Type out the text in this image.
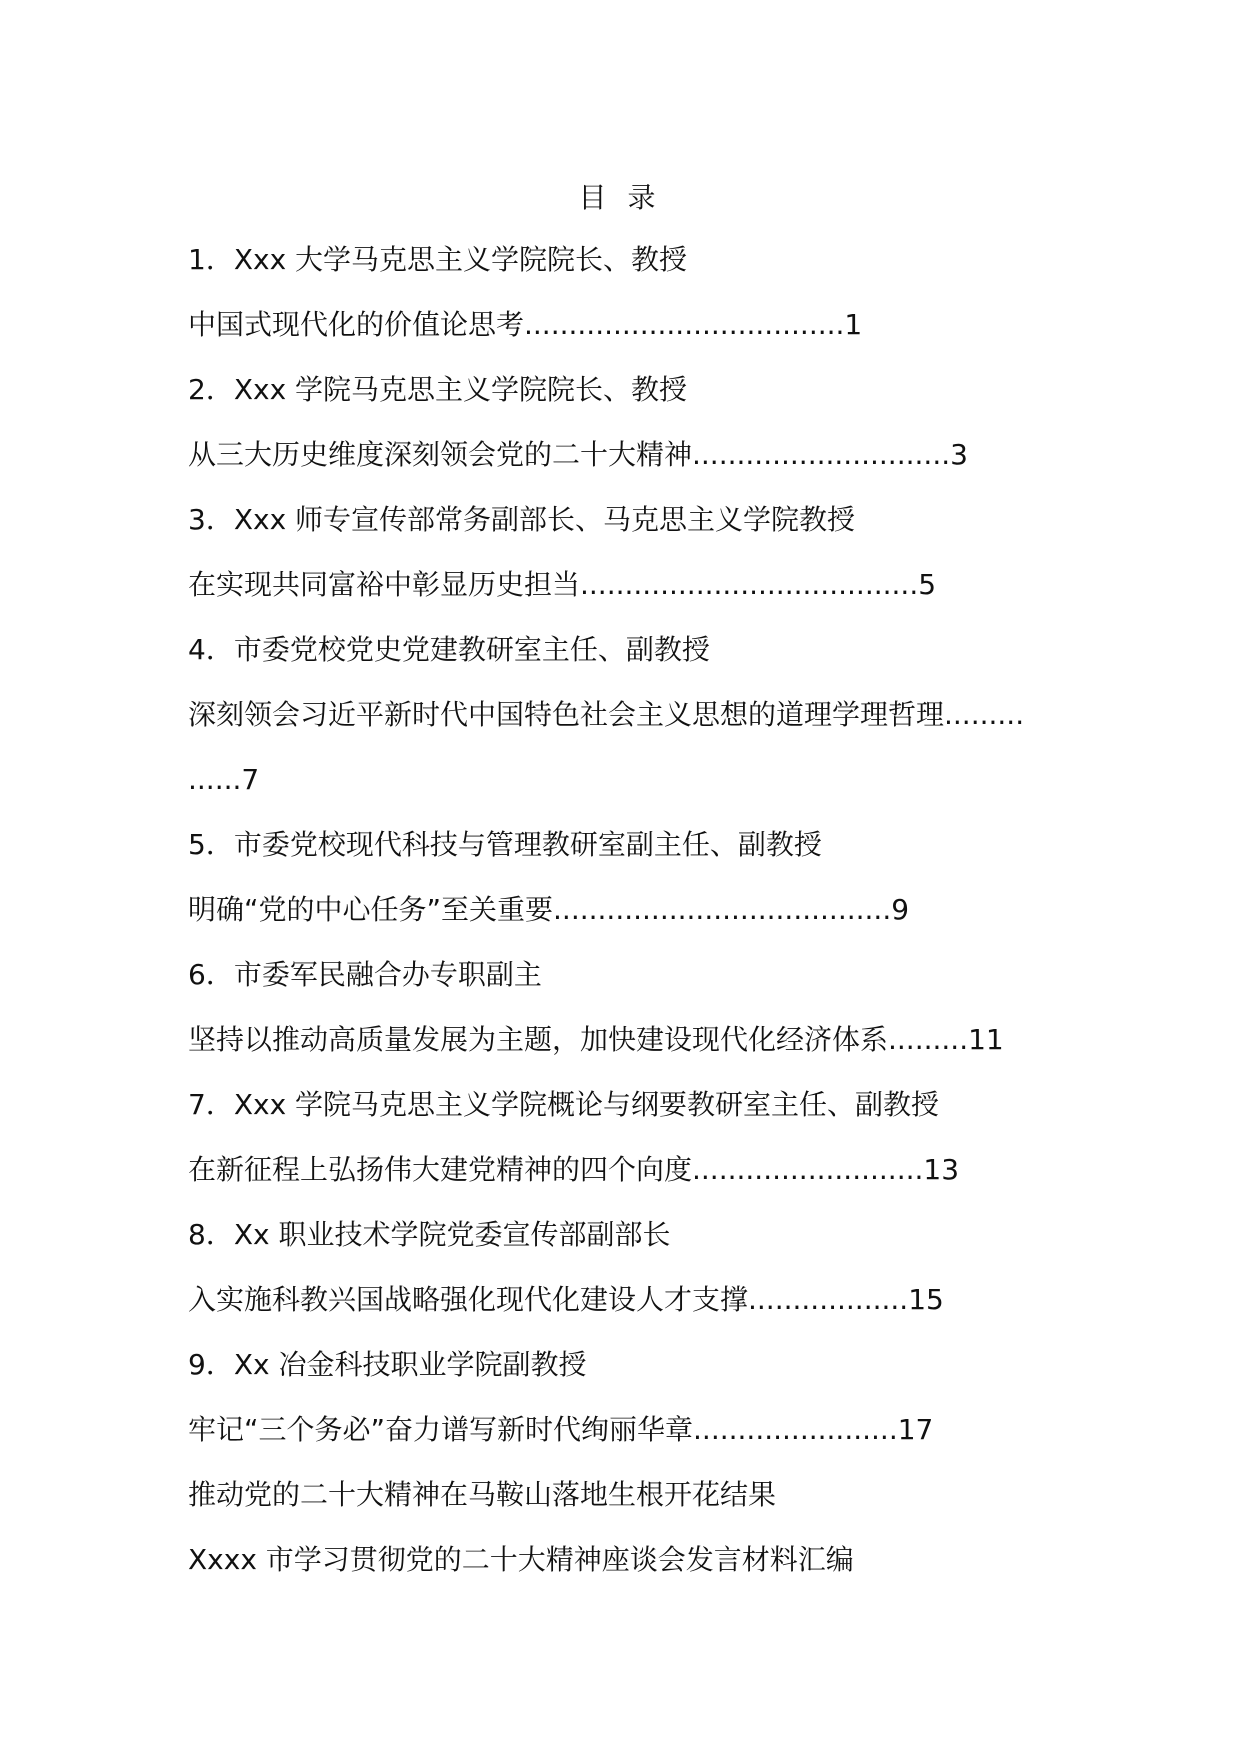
目 录
1．Xxx 大学马克思主义学院院长、教授
中国式现代化的价值论思考....................................1
2．Xxx 学院马克思主义学院院长、教授
从三大历史维度深刻领会党的二十大精神.............................3
3．Xxx 师专宣传部常务副部长、马克思主义学院教授
在实现共同富裕中彰显历史担当......................................5
4．市委党校党史党建教研室主任、副教授
深刻领会习近平新时代中国特色社会主义思想的道理学理哲理.........
......7
5．市委党校现代科技与管理教研室副主任、副教授
明确“党的中心任务”至关重要......................................9
6．市委军民融合办专职副主
坚持以推动高质量发展为主题，加快建设现代化经济体系.........11
7．Xxx 学院马克思主义学院概论与纲要教研室主任、副教授
在新征程上弘扬伟大建党精神的四个向度..........................13
8．Xx 职业技术学院党委宣传部副部长
入实施科教兴国战略强化现代化建设人才支撑..................15
9．Xx 冶金科技职业学院副教授
牢记“三个务必”奋力谱写新时代绚丽华章.......................17
推动党的二十大精神在马鞍山落地生根开花结果
Xxxx 市学习贯彻党的二十大精神座谈会发言材料汇编
